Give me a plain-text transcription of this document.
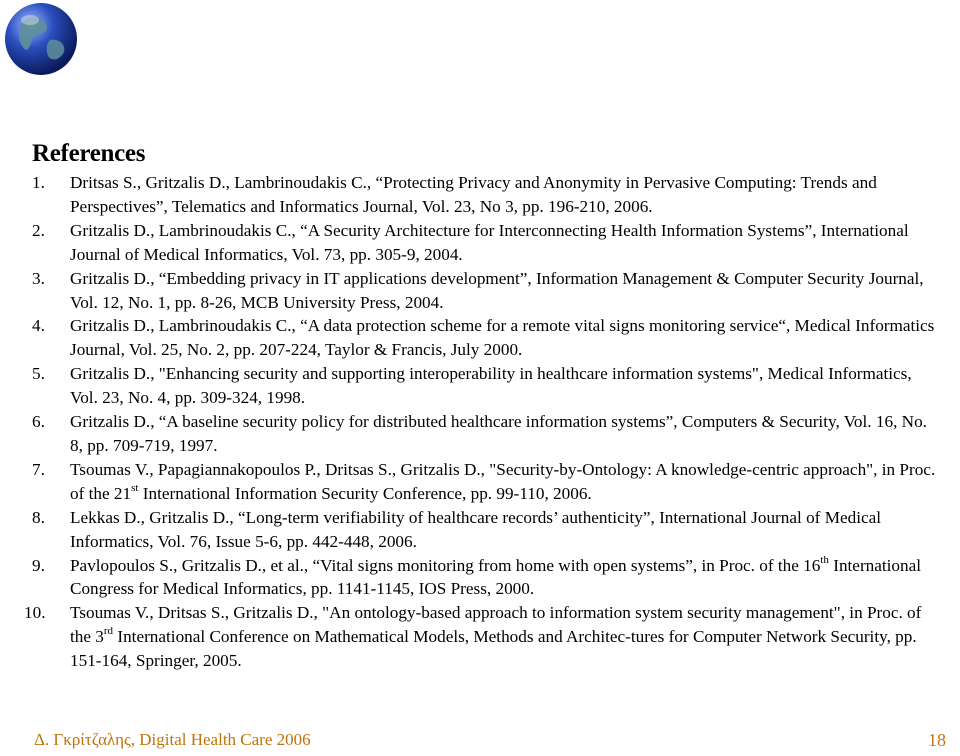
References
1.	Dritsas S., Gritzalis D., Lambrinoudakis C., “Protecting Privacy and Anonymity in Pervasive Computing: Trends and Perspectives”, Telematics and Informatics Journal, Vol. 23, No 3, pp. 196-210, 2006.
2.	Gritzalis D., Lambrinoudakis C., “A Security Architecture for Interconnecting Health Information Systems”, International Journal of Medical Informatics, Vol. 73, pp. 305-9, 2004.
3.	Gritzalis D., “Embedding privacy in IT applications development”, Information Management & Computer Security Journal, Vol. 12, No. 1, pp. 8-26, MCB University Press, 2004.
4.	Gritzalis D., Lambrinoudakis C., “A data protection scheme for a remote vital signs monitoring service“, Medical Informatics Journal, Vol. 25, No. 2, pp. 207-224, Taylor & Francis, July 2000.
5.	Gritzalis D., "Enhancing security and supporting interoperability in healthcare information systems", Medical Informatics, Vol. 23, No. 4, pp. 309-324, 1998.
6.	Gritzalis D., “A baseline security policy for distributed healthcare information systems”, Computers & Security, Vol. 16, No. 8, pp. 709-719, 1997.
7.	Tsoumas V., Papagiannakopoulos P., Dritsas S., Gritzalis D., "Security-by-Ontology: A knowledge-centric approach", in Proc. of the 21st International Information Security Conference, pp. 99-110, 2006.
8.	Lekkas D., Gritzalis D., “Long-term verifiability of healthcare records’ authenticity”, International Journal of Medical Informatics, Vol. 76, Issue 5-6, pp. 442-448, 2006.
9.	Pavlopoulos S., Gritzalis D., et al., “Vital signs monitoring from home with open systems”, in Proc. of the 16th International Congress for Medical Informatics, pp. 1141-1145, IOS Press, 2000.
10.	Tsoumas V., Dritsas S., Gritzalis D., "An ontology-based approach to information system security management", in Proc. of the 3rd International Conference on Mathematical Models, Methods and Architec-tures for Computer Network Security, pp. 151-164, Springer, 2005.
Δ. Γκρίτζαλης, Digital Health Care 2006	18
